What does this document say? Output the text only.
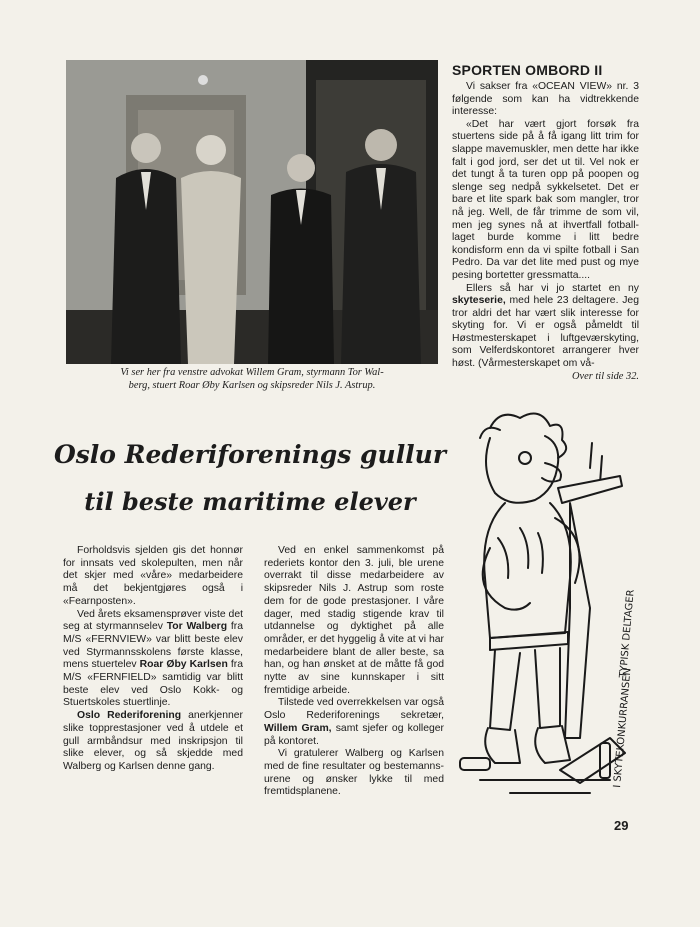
Vi ser her fra venstre advokat Willem Gram, styrmann Tor Wal-
berg, stuert Roar Øby Karlsen og skipsreder Nils J. Astrup.

SPORTEN OMBORD II

Vi sakser fra «OCEAN VIEW» nr. 3 følgende som kan ha vidtrekkende interesse:

«Det har vært gjort forsøk fra stuertens side på å få igang litt trim for slappe mavemuskler, men dette har ikke falt i god jord, ser det ut til. Vel nok er det tungt å ta turen opp på poopen og slenge seg nedpå sykkelsetet. Det er bare et lite spark bak som mangler, tror nå jeg. Well, de får trimme de som vil, men jeg synes nå at ihvertfall fotball-laget burde komme i litt bedre kondisform enn da vi spilte fotball i San Pedro. Da var det lite med pust og mye pesing bortetter gressmatta....

Ellers så har vi jo startet en ny skyteserie, med hele 23 deltagere. Jeg tror aldri det har vært slik interesse for skyting for. Vi er også påmeldt til Høstmesterskapet i luftgeværskyting, som Velferdskontoret arrangerer hver høst. (Vårmesterskapet om vå-

Over til side 32.

Oslo Rederiforenings gullur
til beste maritime elever

Forholdsvis sjelden gis det honnør for innsats ved skolepulten, men når det skjer med «våre» medarbeidere må det bekjentgjøres også i «Fearnposten».

Ved årets eksamensprøver viste det seg at styrmannselev Tor Walberg fra M/S «FERNVIEW» var blitt beste elev ved Styrmannsskolens første klasse, mens stuertelev Roar Øby Karlsen fra M/S «FERNFIELD» samtidig var blitt beste elev ved Oslo Kokk- og Stuertskoles stuertlinje.

Oslo Rederiforening anerkjenner slike topprestasjoner ved å utdele et gull armbåndsur med inskripsjon til slike elever, og så skjedde med Walberg og Karlsen denne gang.

Ved en enkel sammenkomst på rederiets kontor den 3. juli, ble urene overrakt til disse medarbeidere av skipsreder Nils J. Astrup som roste dem for de gode prestasjoner. I våre dager, med stadig stigende krav til utdannelse og dyktighet på alle områder, er det hyggelig å vite at vi har medarbeidere blant de aller beste, sa han, og han ønsket at de måtte få god nytte av sine kunnskaper i sitt fremtidige arbeide.

Tilstede ved overrekkelsen var også Oslo Rederiforenings sekretær, Willem Gram, samt sjefer og kolleger på kontoret.

Vi gratulerer Walberg og Karlsen med de fine resultater og bestemanns-urene og ønsker lykke til med fremtidsplanene.

I SKYTEKONKURRANSEN
TYPISK DELTAGER
29
